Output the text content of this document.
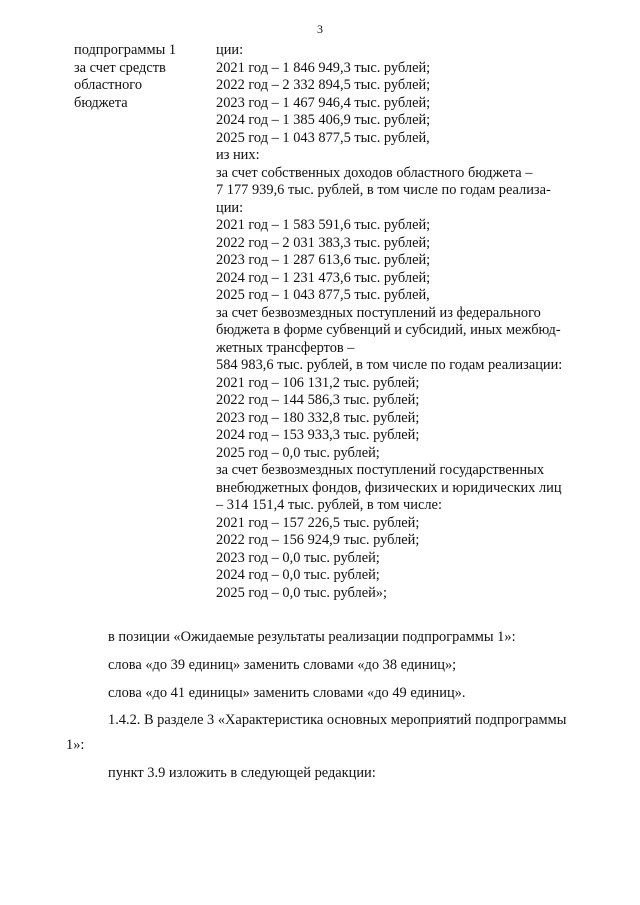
3
подпрограммы 1
за счет средств
областного
бюджета
ции:
2021 год – 1 846 949,3 тыс. рублей;
2022 год – 2 332 894,5 тыс. рублей;
2023 год – 1 467 946,4 тыс. рублей;
2024 год – 1 385 406,9 тыс. рублей;
2025 год – 1 043 877,5 тыс. рублей,
из них:
за счет собственных доходов областного бюджета –
7 177 939,6 тыс. рублей, в том числе по годам реализа-
ции:
2021 год – 1 583 591,6 тыс. рублей;
2022 год – 2 031 383,3 тыс. рублей;
2023 год – 1 287 613,6 тыс. рублей;
2024 год – 1 231 473,6 тыс. рублей;
2025 год – 1 043 877,5 тыс. рублей,
за счет безвозмездных поступлений из федерального
бюджета в форме субвенций и субсидий, иных межбюд-
жетных трансфертов –
584 983,6 тыс. рублей, в том числе по годам реализации:
2021 год – 106 131,2 тыс. рублей;
2022 год – 144 586,3 тыс. рублей;
2023 год – 180 332,8 тыс. рублей;
2024 год – 153 933,3 тыс. рублей;
2025 год – 0,0 тыс. рублей;
за счет безвозмездных поступлений государственных
внебюджетных фондов, физических и юридических лиц
– 314 151,4 тыс. рублей, в том числе:
2021 год – 157 226,5 тыс. рублей;
2022 год – 156 924,9 тыс. рублей;
2023 год – 0,0 тыс. рублей;
2024 год – 0,0 тыс. рублей;
2025 год – 0,0 тыс. рублей»;
в позиции «Ожидаемые результаты реализации подпрограммы 1»:
слова «до 39 единиц» заменить словами «до 38 единиц»;
слова «до 41 единицы» заменить словами «до 49 единиц».
1.4.2. В разделе 3 «Характеристика основных мероприятий подпрограммы
1»:
пункт 3.9 изложить в следующей редакции:
